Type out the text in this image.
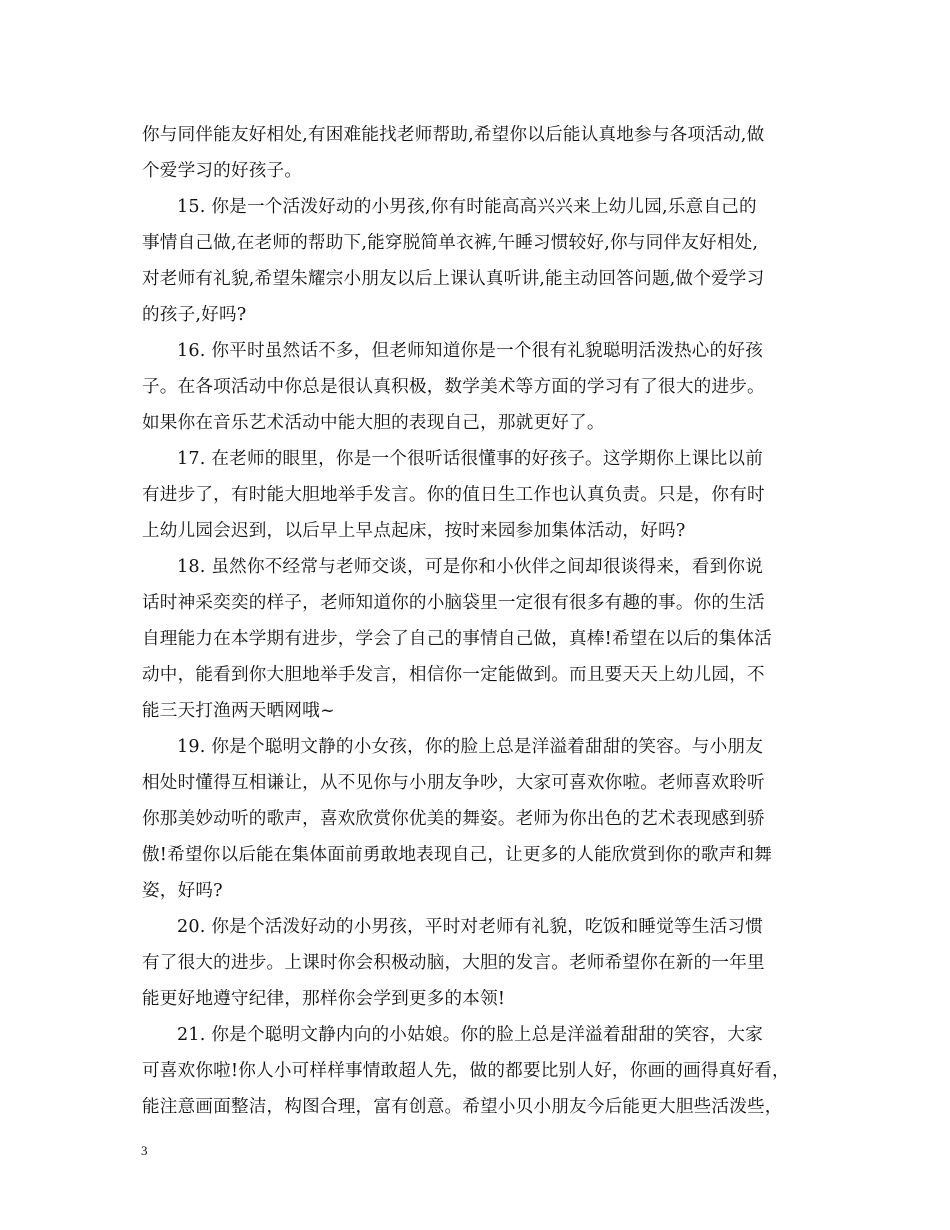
你与同伴能友好相处,有困难能找老师帮助,希望你以后能认真地参与各项活动,做
个爱学习的好孩子。

15. 你是一个活泼好动的小男孩,你有时能高高兴兴来上幼儿园,乐意自己的
事情自己做,在老师的帮助下,能穿脱简单衣裤,午睡习惯较好,你与同伴友好相处,
对老师有礼貌,希望朱耀宗小朋友以后上课认真听讲,能主动回答问题,做个爱学习
的孩子,好吗?

16. 你平时虽然话不多，但老师知道你是一个很有礼貌聪明活泼热心的好孩
子。在各项活动中你总是很认真积极，数学美术等方面的学习有了很大的进步。
如果你在音乐艺术活动中能大胆的表现自己，那就更好了。

17. 在老师的眼里，你是一个很听话很懂事的好孩子。这学期你上课比以前
有进步了，有时能大胆地举手发言。你的值日生工作也认真负责。只是，你有时
上幼儿园会迟到，以后早上早点起床，按时来园参加集体活动，好吗?

18. 虽然你不经常与老师交谈，可是你和小伙伴之间却很谈得来，看到你说
话时神采奕奕的样子，老师知道你的小脑袋里一定很有很多有趣的事。你的生活
自理能力在本学期有进步，学会了自己的事情自己做，真棒!希望在以后的集体活
动中，能看到你大胆地举手发言，相信你一定能做到。而且要天天上幼儿园，不
能三天打渔两天晒网哦~

19. 你是个聪明文静的小女孩，你的脸上总是洋溢着甜甜的笑容。与小朋友
相处时懂得互相谦让，从不见你与小朋友争吵，大家可喜欢你啦。老师喜欢聆听
你那美妙动听的歌声，喜欢欣赏你优美的舞姿。老师为你出色的艺术表现感到骄
傲!希望你以后能在集体面前勇敢地表现自己，让更多的人能欣赏到你的歌声和舞
姿，好吗?

20. 你是个活泼好动的小男孩，平时对老师有礼貌，吃饭和睡觉等生活习惯
有了很大的进步。上课时你会积极动脑，大胆的发言。老师希望你在新的一年里
能更好地遵守纪律，那样你会学到更多的本领!

21. 你是个聪明文静内向的小姑娘。你的脸上总是洋溢着甜甜的笑容，大家
可喜欢你啦!你人小可样样事情敢超人先，做的都要比别人好，你画的画得真好看，
能注意画面整洁，构图合理，富有创意。希望小贝小朋友今后能更大胆些活泼些，

3
